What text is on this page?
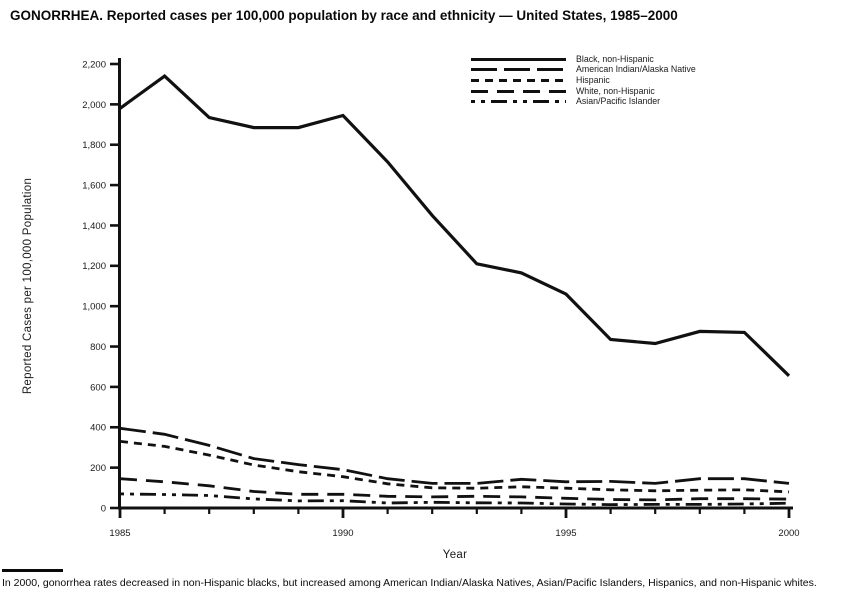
GONORRHEA. Reported cases per 100,000 population by race and ethnicity — United States, 1985–2000
0
200
400
600
800
1,000
1,200
1,400
1,600
1,800
2,000
2,200
1985	1990	1995	2000
Reported Cases per 100,000 Population
Year
Black, non-Hispanic
American Indian/Alaska Native
Hispanic
White, non-Hispanic
Asian/Pacific Islander
In 2000, gonorrhea rates decreased in non-Hispanic blacks, but increased among American Indian/Alaska Natives, Asian/Pacific Islanders, Hispanics, and non-Hispanic whites.
